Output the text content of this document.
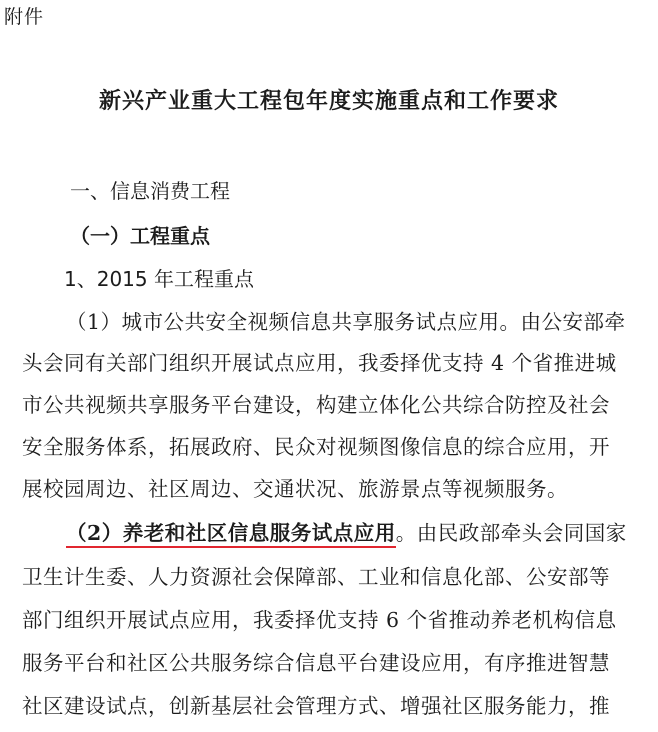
附件
新兴产业重大工程包年度实施重点和工作要求
一、信息消费工程
（一）工程重点
1、2015 年工程重点
（1）城市公共安全视频信息共享服务试点应用。由公安部牵
头会同有关部门组织开展试点应用，我委择优支持 4 个省推进城
市公共视频共享服务平台建设，构建立体化公共综合防控及社会
安全服务体系，拓展政府、民众对视频图像信息的综合应用，开
展校园周边、社区周边、交通状况、旅游景点等视频服务。
（2）养老和社区信息服务试点应用。由民政部牵头会同国家
卫生计生委、人力资源社会保障部、工业和信息化部、公安部等
部门组织开展试点应用，我委择优支持 6 个省推动养老机构信息
服务平台和社区公共服务综合信息平台建设应用，有序推进智慧
社区建设试点，创新基层社会管理方式、增强社区服务能力，推
